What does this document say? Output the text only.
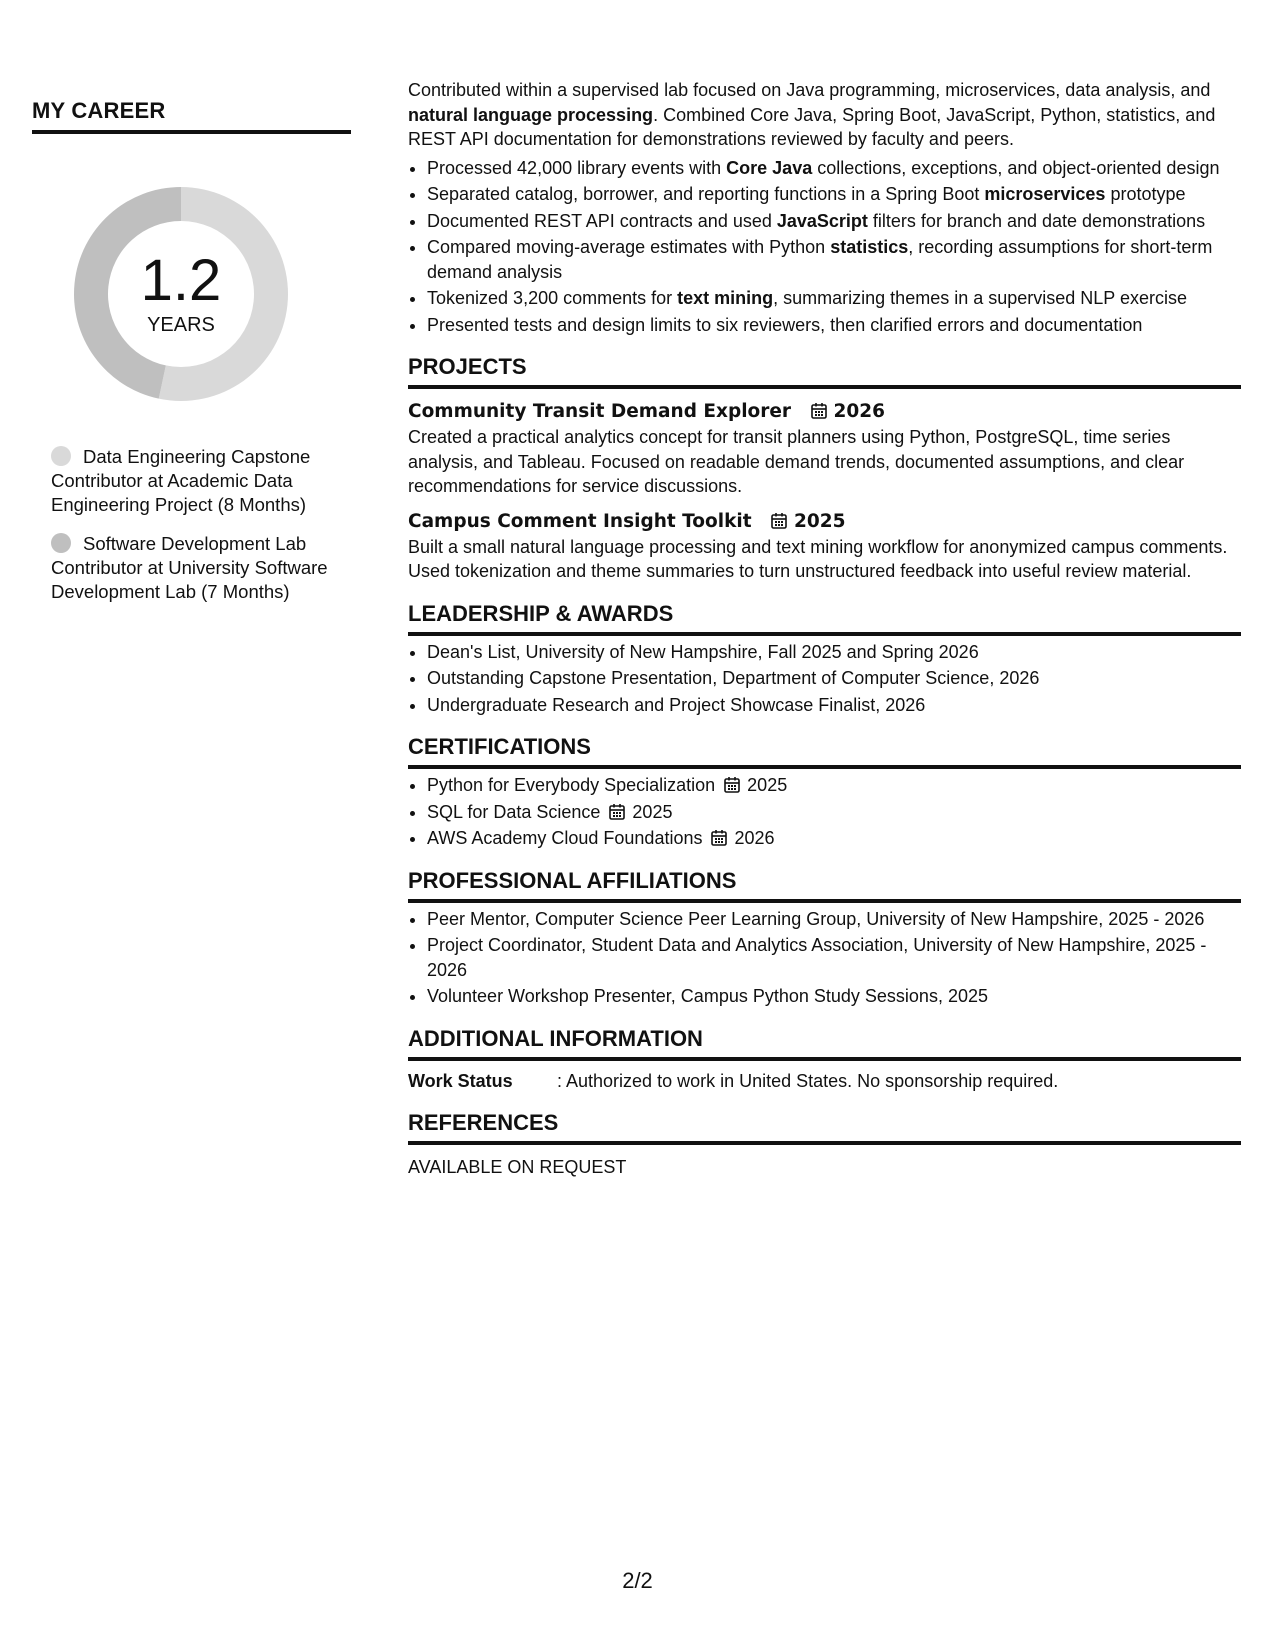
MY CAREER
1.2
YEARS
Data Engineering Capstone Contributor at Academic Data Engineering Project (8 Months)
Software Development Lab Contributor at University Software Development Lab (7 Months)

Contributed within a supervised lab focused on Java programming, microservices, data analysis, and natural language processing. Combined Core Java, Spring Boot, JavaScript, Python, statistics, and REST API documentation for demonstrations reviewed by faculty and peers.

• Processed 42,000 library events with Core Java collections, exceptions, and object-oriented design
• Separated catalog, borrower, and reporting functions in a Spring Boot microservices prototype
• Documented REST API contracts and used JavaScript filters for branch and date demonstrations
• Compared moving-average estimates with Python statistics, recording assumptions for short-term demand analysis
• Tokenized 3,200 comments for text mining, summarizing themes in a supervised NLP exercise
• Presented tests and design limits to six reviewers, then clarified errors and documentation
PROJECTS
Community Transit Demand Explorer 2026

Created a practical analytics concept for transit planners using Python, PostgreSQL, time series analysis, and Tableau. Focused on readable demand trends, documented assumptions, and clear recommendations for service discussions.

Campus Comment Insight Toolkit 2025

Built a small natural language processing and text mining workflow for anonymized campus comments. Used tokenization and theme summaries to turn unstructured feedback into useful review material.

LEADERSHIP & AWARDS
• Dean's List, University of New Hampshire, Fall 2025 and Spring 2026
• Outstanding Capstone Presentation, Department of Computer Science, 2026
• Undergraduate Research and Project Showcase Finalist, 2026
CERTIFICATIONS
• Python for Everybody Specialization 2025
• SQL for Data Science 2025
• AWS Academy Cloud Foundations 2026
PROFESSIONAL AFFILIATIONS
• Peer Mentor, Computer Science Peer Learning Group, University of New Hampshire, 2025 - 2026
• Project Coordinator, Student Data and Analytics Association, University of New Hampshire, 2025 - 2026
• Volunteer Workshop Presenter, Campus Python Study Sessions, 2025
ADDITIONAL INFORMATION
Work Status : Authorized to work in United States. No sponsorship required.
REFERENCES
AVAILABLE ON REQUEST
2/2
